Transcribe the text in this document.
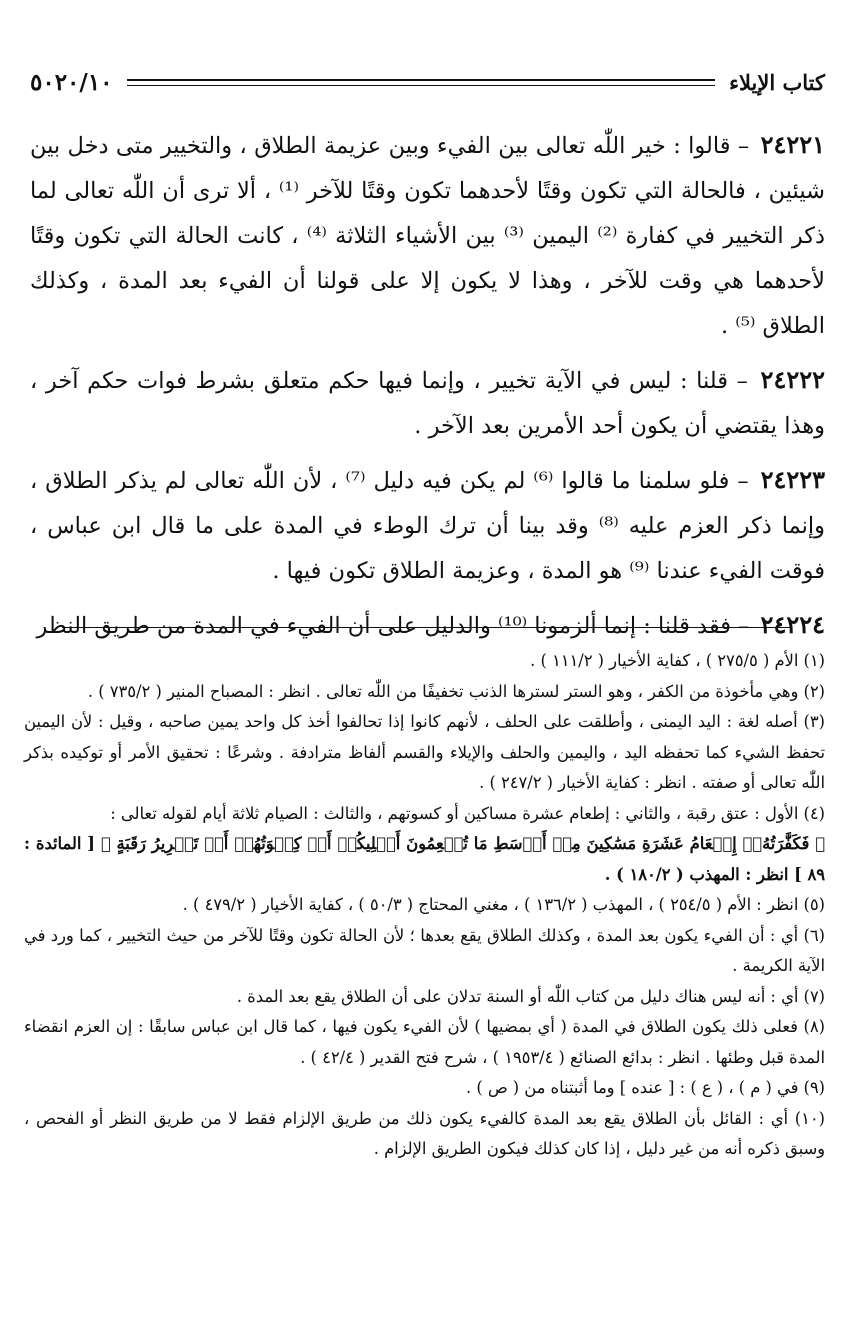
كتاب الإيلاء
٥٠٢٠/١٠

٢٤٢٢١ – قالوا : خير اللّٰه تعالى بين الفيء وبين عزيمة الطلاق ، والتخيير متى دخل بين شيئين ، فالحالة التي تكون وقتًا لأحدهما تكون وقتًا للآخر ⁽¹⁾ ، ألا ترى أن اللّٰه تعالى لما ذكر التخيير في كفارة ⁽²⁾ اليمين ⁽³⁾ بين الأشياء الثلاثة ⁽⁴⁾ ، كانت الحالة التي تكون وقتًا لأحدهما هي وقت للآخر ، وهذا لا يكون إلا على قولنا أن الفيء بعد المدة ، وكذلك الطلاق ⁽⁵⁾ .

٢٤٢٢٢ – قلنا : ليس في الآية تخيير ، وإنما فيها حكم متعلق بشرط فوات حكم آخر ، وهذا يقتضي أن يكون أحد الأمرين بعد الآخر .

٢٤٢٢٣ – فلو سلمنا ما قالوا ⁽⁶⁾ لم يكن فيه دليل ⁽⁷⁾ ، لأن اللّٰه تعالى لم يذكر الطلاق ، وإنما ذكر العزم عليه ⁽⁸⁾ وقد بينا أن ترك الوطء في المدة على ما قال ابن عباس ، فوقت الفيء عندنا ⁽⁹⁾ هو المدة ، وعزيمة الطلاق تكون فيها .

٢٤٢٢٤ – فقد قلنا : إنما ألزمونا ⁽¹⁰⁾ والدليل على أن الفيء في المدة من طريق النظر

(١) الأم ( ٢٧٥/٥ ) ، كفاية الأخيار ( ١١١/٢ ) .

(٢) وهي مأخوذة من الكفر ، وهو الستر لسترها الذنب تخفيفًا من اللّٰه تعالى . انظر : المصباح المنير ( ٧٣٥/٢ ) .

(٣) أصله لغة : اليد اليمنى ، وأطلقت على الحلف ، لأنهم كانوا إذا تحالفوا أخذ كل واحد يمين صاحبه ، وقيل : لأن اليمين تحفظ الشيء كما تحفظه اليد ، واليمين والحلف والإيلاء والقسم ألفاظ مترادفة . وشرعًا : تحقيق الأمر أو توكيده بذكر اللّٰه تعالى أو صفته . انظر : كفاية الأخيار ( ٢٤٧/٢ ) .

(٤) الأول : عتق رقبة ، والثاني : إطعام عشرة مساكين أو كسوتهم ، والثالث : الصيام ثلاثة أيام لقوله تعالى :

﴿ فَكَفَّٰرَتُهُۥٓ إِطۡعَامُ عَشَرَةِ مَسَٰكِينَ مِنۡ أَوۡسَطِ مَا تُطۡعِمُونَ أَهۡلِيكُمۡ أَوۡ كِسۡوَتُهُمۡ أَوۡ تَحۡرِيرُ رَقَبَةٍ ﴾ [ المائدة : ٨٩ ] انظر : المهذب ( ١٨٠/٢ ) .

(٥) انظر : الأم ( ٢٥٤/٥ ) ، المهذب ( ١٣٦/٢ ) ، مغني المحتاج ( ٥٠/٣ ) ، كفاية الأخيار ( ٤٧٩/٢ ) .

(٦) أي : أن الفيء يكون بعد المدة ، وكذلك الطلاق يقع بعدها ؛ لأن الحالة تكون وقتًا للآخر من حيث التخيير ، كما ورد في الآية الكريمة .

(٧) أي : أنه ليس هناك دليل من كتاب اللّٰه أو السنة تدلان على أن الطلاق يقع بعد المدة .

(٨) فعلى ذلك يكون الطلاق في المدة ( أي بمضيها ) لأن الفيء يكون فيها ، كما قال ابن عباس سابقًا : إن العزم انقضاء المدة قبل وطئها . انظر : بدائع الصنائع ( ١٩٥٣/٤ ) ، شرح فتح القدير ( ٤٢/٤ ) .

(٩) في ( م ) ، ( ع ) : [ عنده ] وما أثبتناه من ( ص ) .

(١٠) أي : القائل بأن الطلاق يقع بعد المدة كالفيء يكون ذلك من طريق الإلزام فقط لا من طريق النظر أو الفحص ، وسبق ذكره أنه من غير دليل ، إذا كان كذلك فيكون الطريق الإلزام .
